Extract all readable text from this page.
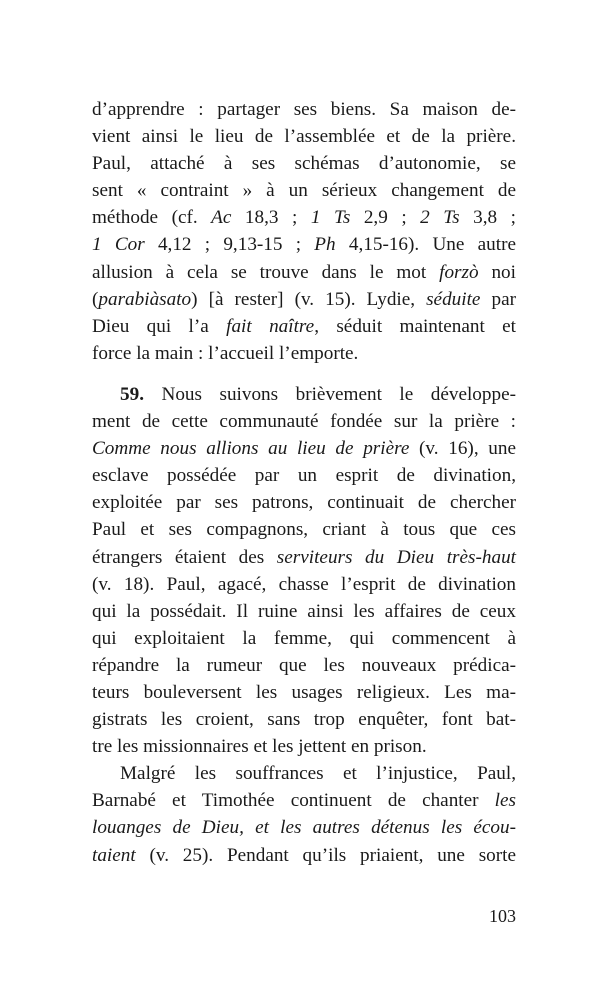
d’apprendre : partager ses biens. Sa maison de-
vient ainsi le lieu de l’assemblée et de la prière.
Paul, attaché à ses schémas d’autonomie, se
sent « contraint » à un sérieux changement de
méthode (cf. Ac 18,3 ; 1 Ts 2,9 ; 2 Ts 3,8 ;
1 Cor 4,12 ; 9,13-15 ; Ph 4,15-16). Une autre
allusion à cela se trouve dans le mot forzò noi
(parabiàsato) [à rester] (v. 15). Lydie, séduite par
Dieu qui l’a fait naître, séduit maintenant et
force la main : l’accueil l’emporte.
59. Nous suivons brièvement le développe-
ment de cette communauté fondée sur la prière :
Comme nous allions au lieu de prière (v. 16), une
esclave possédée par un esprit de divination,
exploitée par ses patrons, continuait de chercher
Paul et ses compagnons, criant à tous que ces
étrangers étaient des serviteurs du Dieu très-haut
(v. 18). Paul, agacé, chasse l’esprit de divination
qui la possédait. Il ruine ainsi les affaires de ceux
qui exploitaient la femme, qui commencent à
répandre la rumeur que les nouveaux prédica-
teurs bouleversent les usages religieux. Les ma-
gistrats les croient, sans trop enquêter, font bat-
tre les missionnaires et les jettent en prison.
Malgré les souffrances et l’injustice, Paul,
Barnabé et Timothée continuent de chanter les
louanges de Dieu, et les autres détenus les écou-
taient (v. 25). Pendant qu’ils priaient, une sorte
103
